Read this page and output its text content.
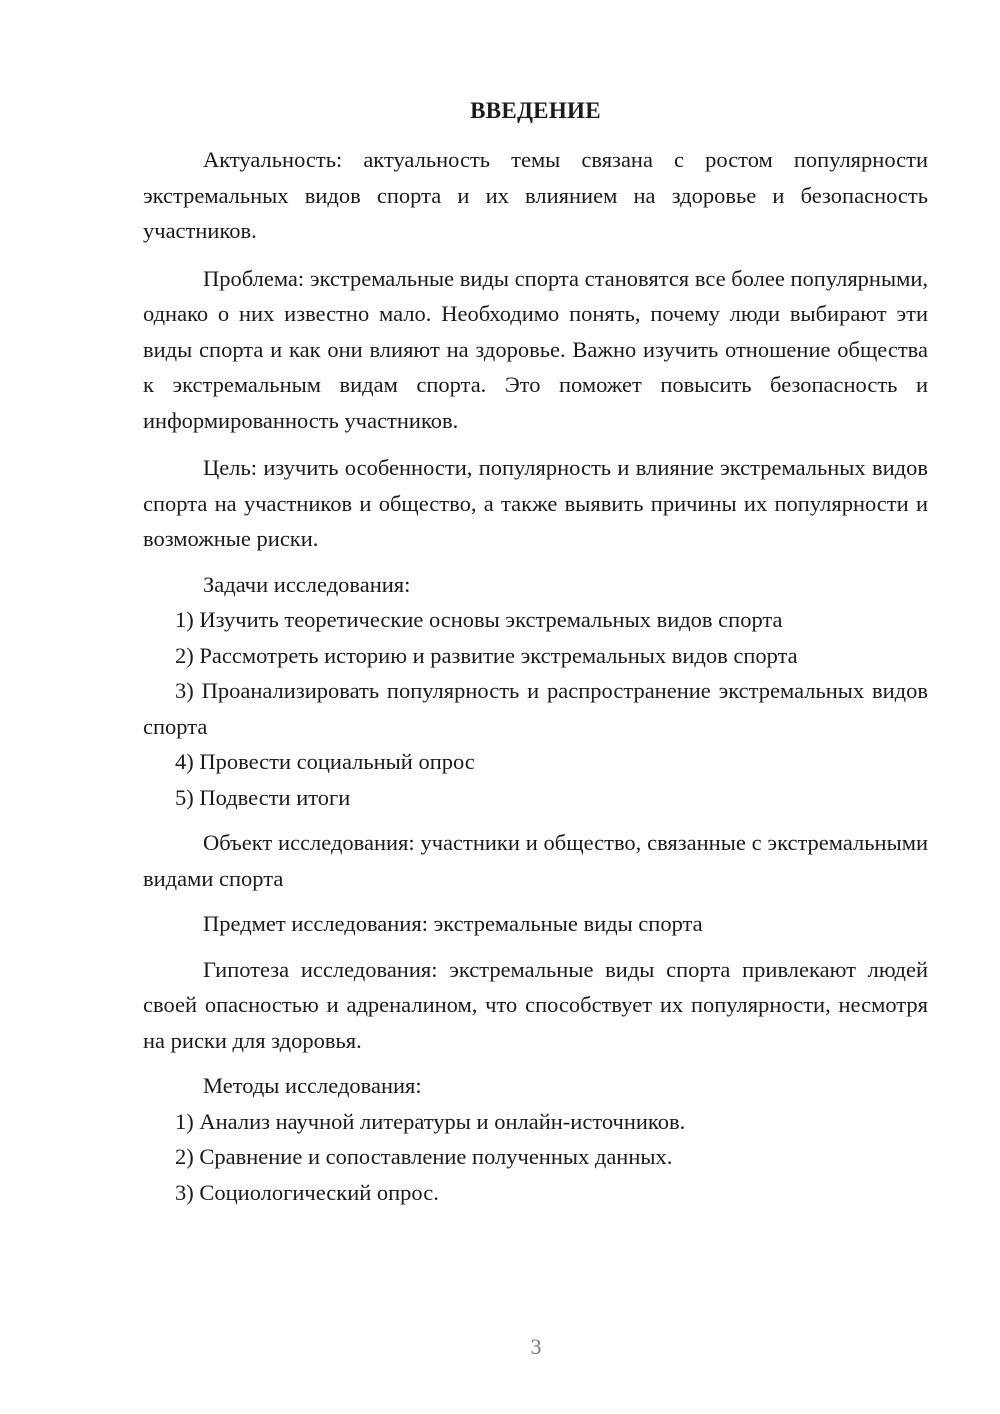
ВВЕДЕНИЕ

Актуальность: актуальность темы связана с ростом популярности экстремальных видов спорта и их влиянием на здоровье и безопасность участников.

Проблема: экстремальные виды спорта становятся все более популярными, однако о них известно мало. Необходимо понять, почему люди выбирают эти виды спорта и как они влияют на здоровье. Важно изучить отношение общества к экстремальным видам спорта. Это поможет повысить безопасность и информированность участников.

Цель: изучить особенности, популярность и влияние экстремальных видов спорта на участников и общество, а также выявить причины их популярности и возможные риски.

Задачи исследования:

1) Изучить теоретические основы экстремальных видов спорта

2) Рассмотреть историю и развитие экстремальных видов спорта

3) Проанализировать популярность и распространение экстремальных видов спорта

4) Провести социальный опрос

5) Подвести итоги

Объект исследования: участники и общество, связанные с экстремальными видами спорта

Предмет исследования: экстремальные виды спорта

Гипотеза исследования: экстремальные виды спорта привлекают людей своей опасностью и адреналином, что способствует их популярности, несмотря на риски для здоровья.

Методы исследования:

1) Анализ научной литературы и онлайн-источников.

2) Сравнение и сопоставление полученных данных.

3) Социологический опрос.

3
